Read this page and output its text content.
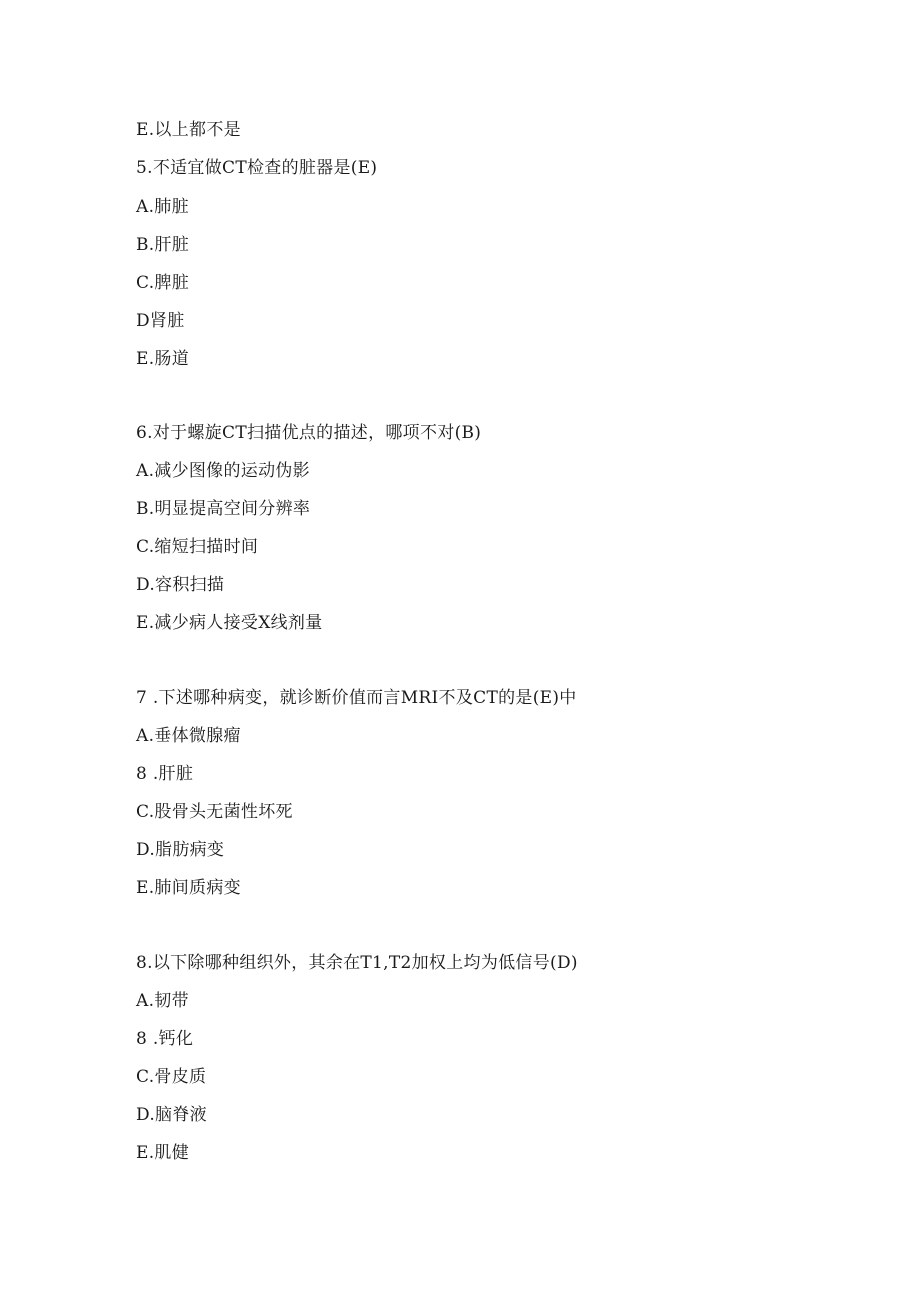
E.以上都不是
5.不适宜做CT检查的脏器是(E)
A.肺脏
B.肝脏
C.脾脏
D肾脏
E.肠道
6.对于螺旋CT扫描优点的描述，哪项不对(B)
A.减少图像的运动伪影
B.明显提高空间分辨率
C.缩短扫描时间
D.容积扫描
E.减少病人接受X线剂量
7 .下述哪种病变，就诊断价值而言MRI不及CT的是(E)中
A.垂体微腺瘤
8 .肝脏
C.股骨头无菌性坏死
D.脂肪病变
E.肺间质病变
8.以下除哪种组织外，其余在T1,T2加权上均为低信号(D)
A.韧带
8 .钙化
C.骨皮质
D.脑脊液
E.肌健
